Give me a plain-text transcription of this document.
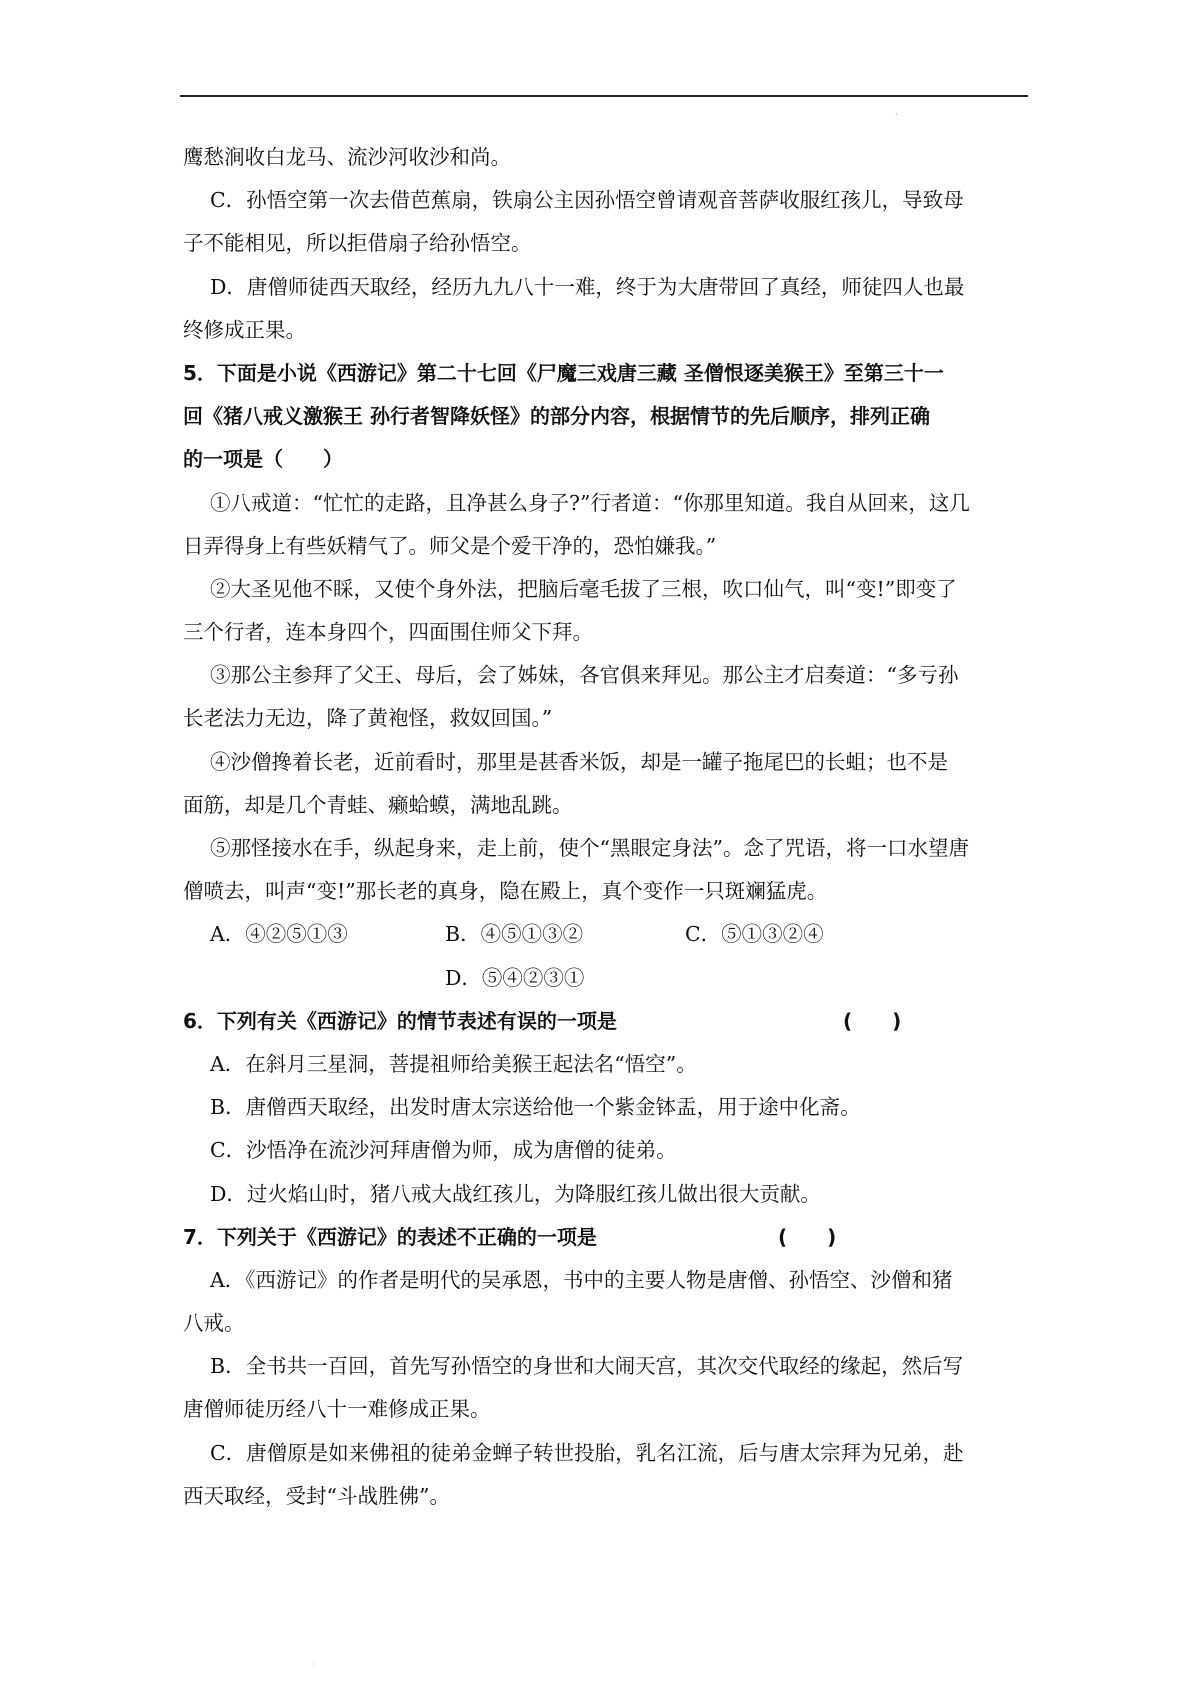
·
鹰愁涧收白龙马、流沙河收沙和尚。
C．孙悟空第一次去借芭蕉扇，铁扇公主因孙悟空曾请观音菩萨收服红孩儿，导致母
子不能相见，所以拒借扇子给孙悟空。
D．唐僧师徒西天取经，经历九九八十一难，终于为大唐带回了真经，师徒四人也最
终修成正果。
5．下面是小说《西游记》第二十七回《尸魔三戏唐三藏 圣僧恨逐美猴王》至第三十一
回《猪八戒义激猴王 孙行者智降妖怪》的部分内容，根据情节的先后顺序，排列正确
的一项是（　　）
①八戒道：“忙忙的走路，且净甚么身子?”行者道：“你那里知道。我自从回来，这几
日弄得身上有些妖精气了。师父是个爱干净的，恐怕嫌我。”
②大圣见他不睬，又使个身外法，把脑后毫毛拔了三根，吹口仙气，叫“变!”即变了
三个行者，连本身四个，四面围住师父下拜。
③那公主参拜了父王、母后，会了姊妹，各官俱来拜见。那公主才启奏道：“多亏孙
长老法力无边，降了黄袍怪，救奴回国。”
④沙僧搀着长老，近前看时，那里是甚香米饭，却是一罐子拖尾巴的长蛆；也不是
面筋，却是几个青蛙、癞蛤蟆，满地乱跳。
⑤那怪接水在手，纵起身来，走上前，使个“黑眼定身法”。念了咒语，将一口水望唐
僧喷去，叫声“变!”那长老的真身，隐在殿上，真个变作一只斑斓猛虎。
A．④②⑤①③	B．④⑤①③②	C．⑤①③②④
D．⑤④②③①
6．下列有关《西游记》的情节表述有误的一项是	(　　)
A．在斜月三星洞，菩提祖师给美猴王起法名“悟空”。
B．唐僧西天取经，出发时唐太宗送给他一个紫金钵盂，用于途中化斋。
C．沙悟净在流沙河拜唐僧为师，成为唐僧的徒弟。
D．过火焰山时，猪八戒大战红孩儿，为降服红孩儿做出很大贡献。
7．下列关于《西游记》的表述不正确的一项是	(　　)
A．《西游记》的作者是明代的吴承恩，书中的主要人物是唐僧、孙悟空、沙僧和猪
八戒。
B．全书共一百回，首先写孙悟空的身世和大闹天宫，其次交代取经的缘起，然后写
唐僧师徒历经八十一难修成正果。
C．唐僧原是如来佛祖的徒弟金蝉子转世投胎，乳名江流，后与唐太宗拜为兄弟，赴
西天取经，受封“斗战胜佛”。
·
